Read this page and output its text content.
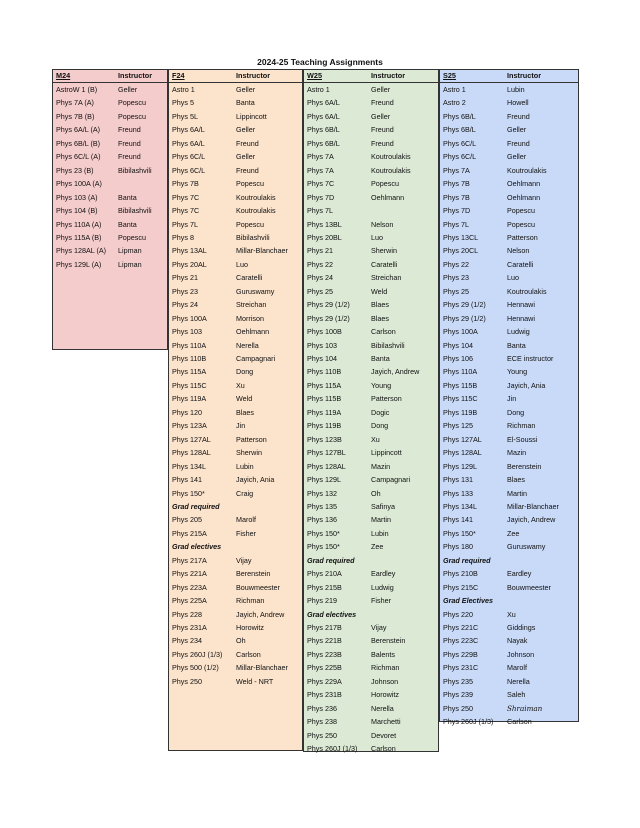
2024-25 Teaching Assignments
M24	Instructor
AstroW 1 (B)	Geller
Phys 7A (A)	Popescu
Phys 7B (B)	Popescu
Phys 6A/L (A) Freund
Phys 6B/L (B) Freund
Phys 6C/L (A) Freund
Phys 23 (B)	Bibilashvili
Phys 100A (A)
Phys 103 (A)	Banta
Phys 104 (B)	Bibilashvili
Phys 110A (A) Banta
Phys 115A (B) Popescu
Phys 128AL (A) Lipman
Phys 129L (A) Lipman
F24	Instructor
Astro 1	Geller
Phys 5	Banta
Phys 5L	Lippincott
Phys 6A/L	Geller
Phys 6A/L	Freund
Phys 6C/L	Geller
Phys 6C/L	Freund
Phys 7B	Popescu
Phys 7C	Koutroulakis
Phys 7C	Koutroulakis
Phys 7L	Popescu
Phys 8	Bibilashvili
Phys 13AL	Millar-Blanchaer
Phys 20AL	Luo
Phys 21	Caratelli
Phys 23	Guruswamy
Phys 24	Streichan
Phys 100A	Morrison
Phys 103	Oehlmann
Phys 110A	Nerella
Phys 110B	Campagnari
Phys 115A	Dong
Phys 115C	Xu
Phys 119A	Weld
Phys 120	Blaes
Phys 123A	Jin
Phys 127AL	Patterson
Phys 128AL	Sherwin
Phys 134L	Lubin
Phys 141	Jayich, Ania
Phys 150*	Craig
Grad required
Phys 205	Marolf
Phys 215A	Fisher
Grad electives
Phys 217A	Vijay
Phys 221A	Berenstein
Phys 223A	Bouwmeester
Phys 225A	Richman
Phys 228	Jayich, Andrew
Phys 231A	Horowitz
Phys 234	Oh
Phys 260J (1/3) Carlson
Phys 500 (1/2) Millar-Blanchaer
Phys 250	Weld - NRT
W25	Instructor
Astro 1	Geller
Phys 6A/L	Freund
Phys 6A/L	Geller
Phys 6B/L	Freund
Phys 6B/L	Freund
Phys 7A	Koutroulakis
Phys 7A	Koutroulakis
Phys 7C	Popescu
Phys 7D	Oehlmann
Phys 7L
Phys 13BL	Nelson
Phys 20BL	Luo
Phys 21	Sherwin
Phys 22	Caratelli
Phys 24	Streichan
Phys 25	Weld
Phys 29 (1/2)	Blaes
Phys 29 (1/2)	Blaes
Phys 100B	Carlson
Phys 103	Bibilashvili
Phys 104	Banta
Phys 110B	Jayich, Andrew
Phys 115A	Young
Phys 115B	Patterson
Phys 119A	Dogic
Phys 119B	Dong
Phys 123B	Xu
Phys 127BL	Lippincott
Phys 128AL	Mazin
Phys 129L	Campagnari
Phys 132	Oh
Phys 135	Safinya
Phys 136	Martin
Phys 150*	Lubin
Phys 150*	Zee
Grad required
Phys 210A	Eardley
Phys 215B	Ludwig
Phys 219	Fisher
Grad electives
Phys 217B	Vijay
Phys 221B	Berenstein
Phys 223B	Balents
Phys 225B	Richman
Phys 229A	Johnson
Phys 231B	Horowitz
Phys 236	Nerella
Phys 238	Marchetti
Phys 250	Devoret
Phys 260J (1/3) Carlson
S25	Instructor
Astro 1	Lubin
Astro 2	Howell
Phys 6B/L	Freund
Phys 6B/L	Geller
Phys 6C/L	Freund
Phys 6C/L	Geller
Phys 7A	Koutroulakis
Phys 7B	Oehlmann
Phys 7B	Oehlmann
Phys 7D	Popescu
Phys 7L	Popescu
Phys 13CL	Patterson
Phys 20CL	Nelson
Phys 22	Caratelli
Phys 23	Luo
Phys 25	Koutroulakis
Phys 29 (1/2)	Hennawi
Phys 29 (1/2)	Hennawi
Phys 100A	Ludwig
Phys 104	Banta
Phys 106	ECE instructor
Phys 110A	Young
Phys 115B	Jayich, Ania
Phys 115C	Jin
Phys 119B	Dong
Phys 125	Richman
Phys 127AL	El-Soussi
Phys 128AL	Mazin
Phys 129L	Berenstein
Phys 131	Blaes
Phys 133	Martin
Phys 134L	Millar-Blanchaer
Phys 141	Jayich, Andrew
Phys 150*	Zee
Phys 180	Guruswamy
Grad required
Phys 210B	Eardley
Phys 215C	Bouwmeester
Grad Electives
Phys 220	Xu
Phys 221C	Giddings
Phys 223C	Nayak
Phys 229B	Johnson
Phys 231C	Marolf
Phys 235	Nerella
Phys 239	Saleh
Phys 250	Shraiman
Phys 260J (1/3) Carlson
